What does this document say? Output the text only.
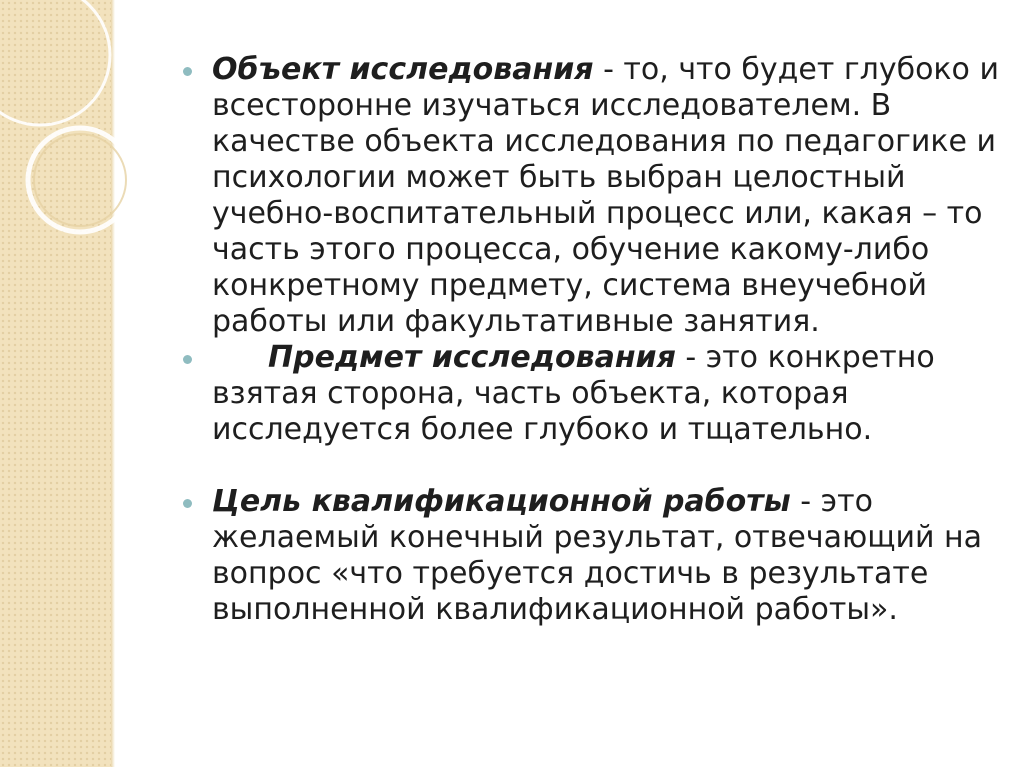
Объект исследования - то, что будет глубоко и всесторонне изучаться исследователем. В качестве объекта исследования по педагогике и психологии может быть выбран целостный учебно-воспитательный процесс или, какая – то часть этого процесса, обучение какому-либо конкретному предмету, система внеучебной работы или факультативные занятия.

Предмет исследования - это конкретно взятая сторона, часть объекта, которая исследуется более глубоко и тщательно.

Цель квалификационной работы - это желаемый конечный результат, отвечающий на вопрос «что требуется достичь в результате выполненной квалификационной работы».
